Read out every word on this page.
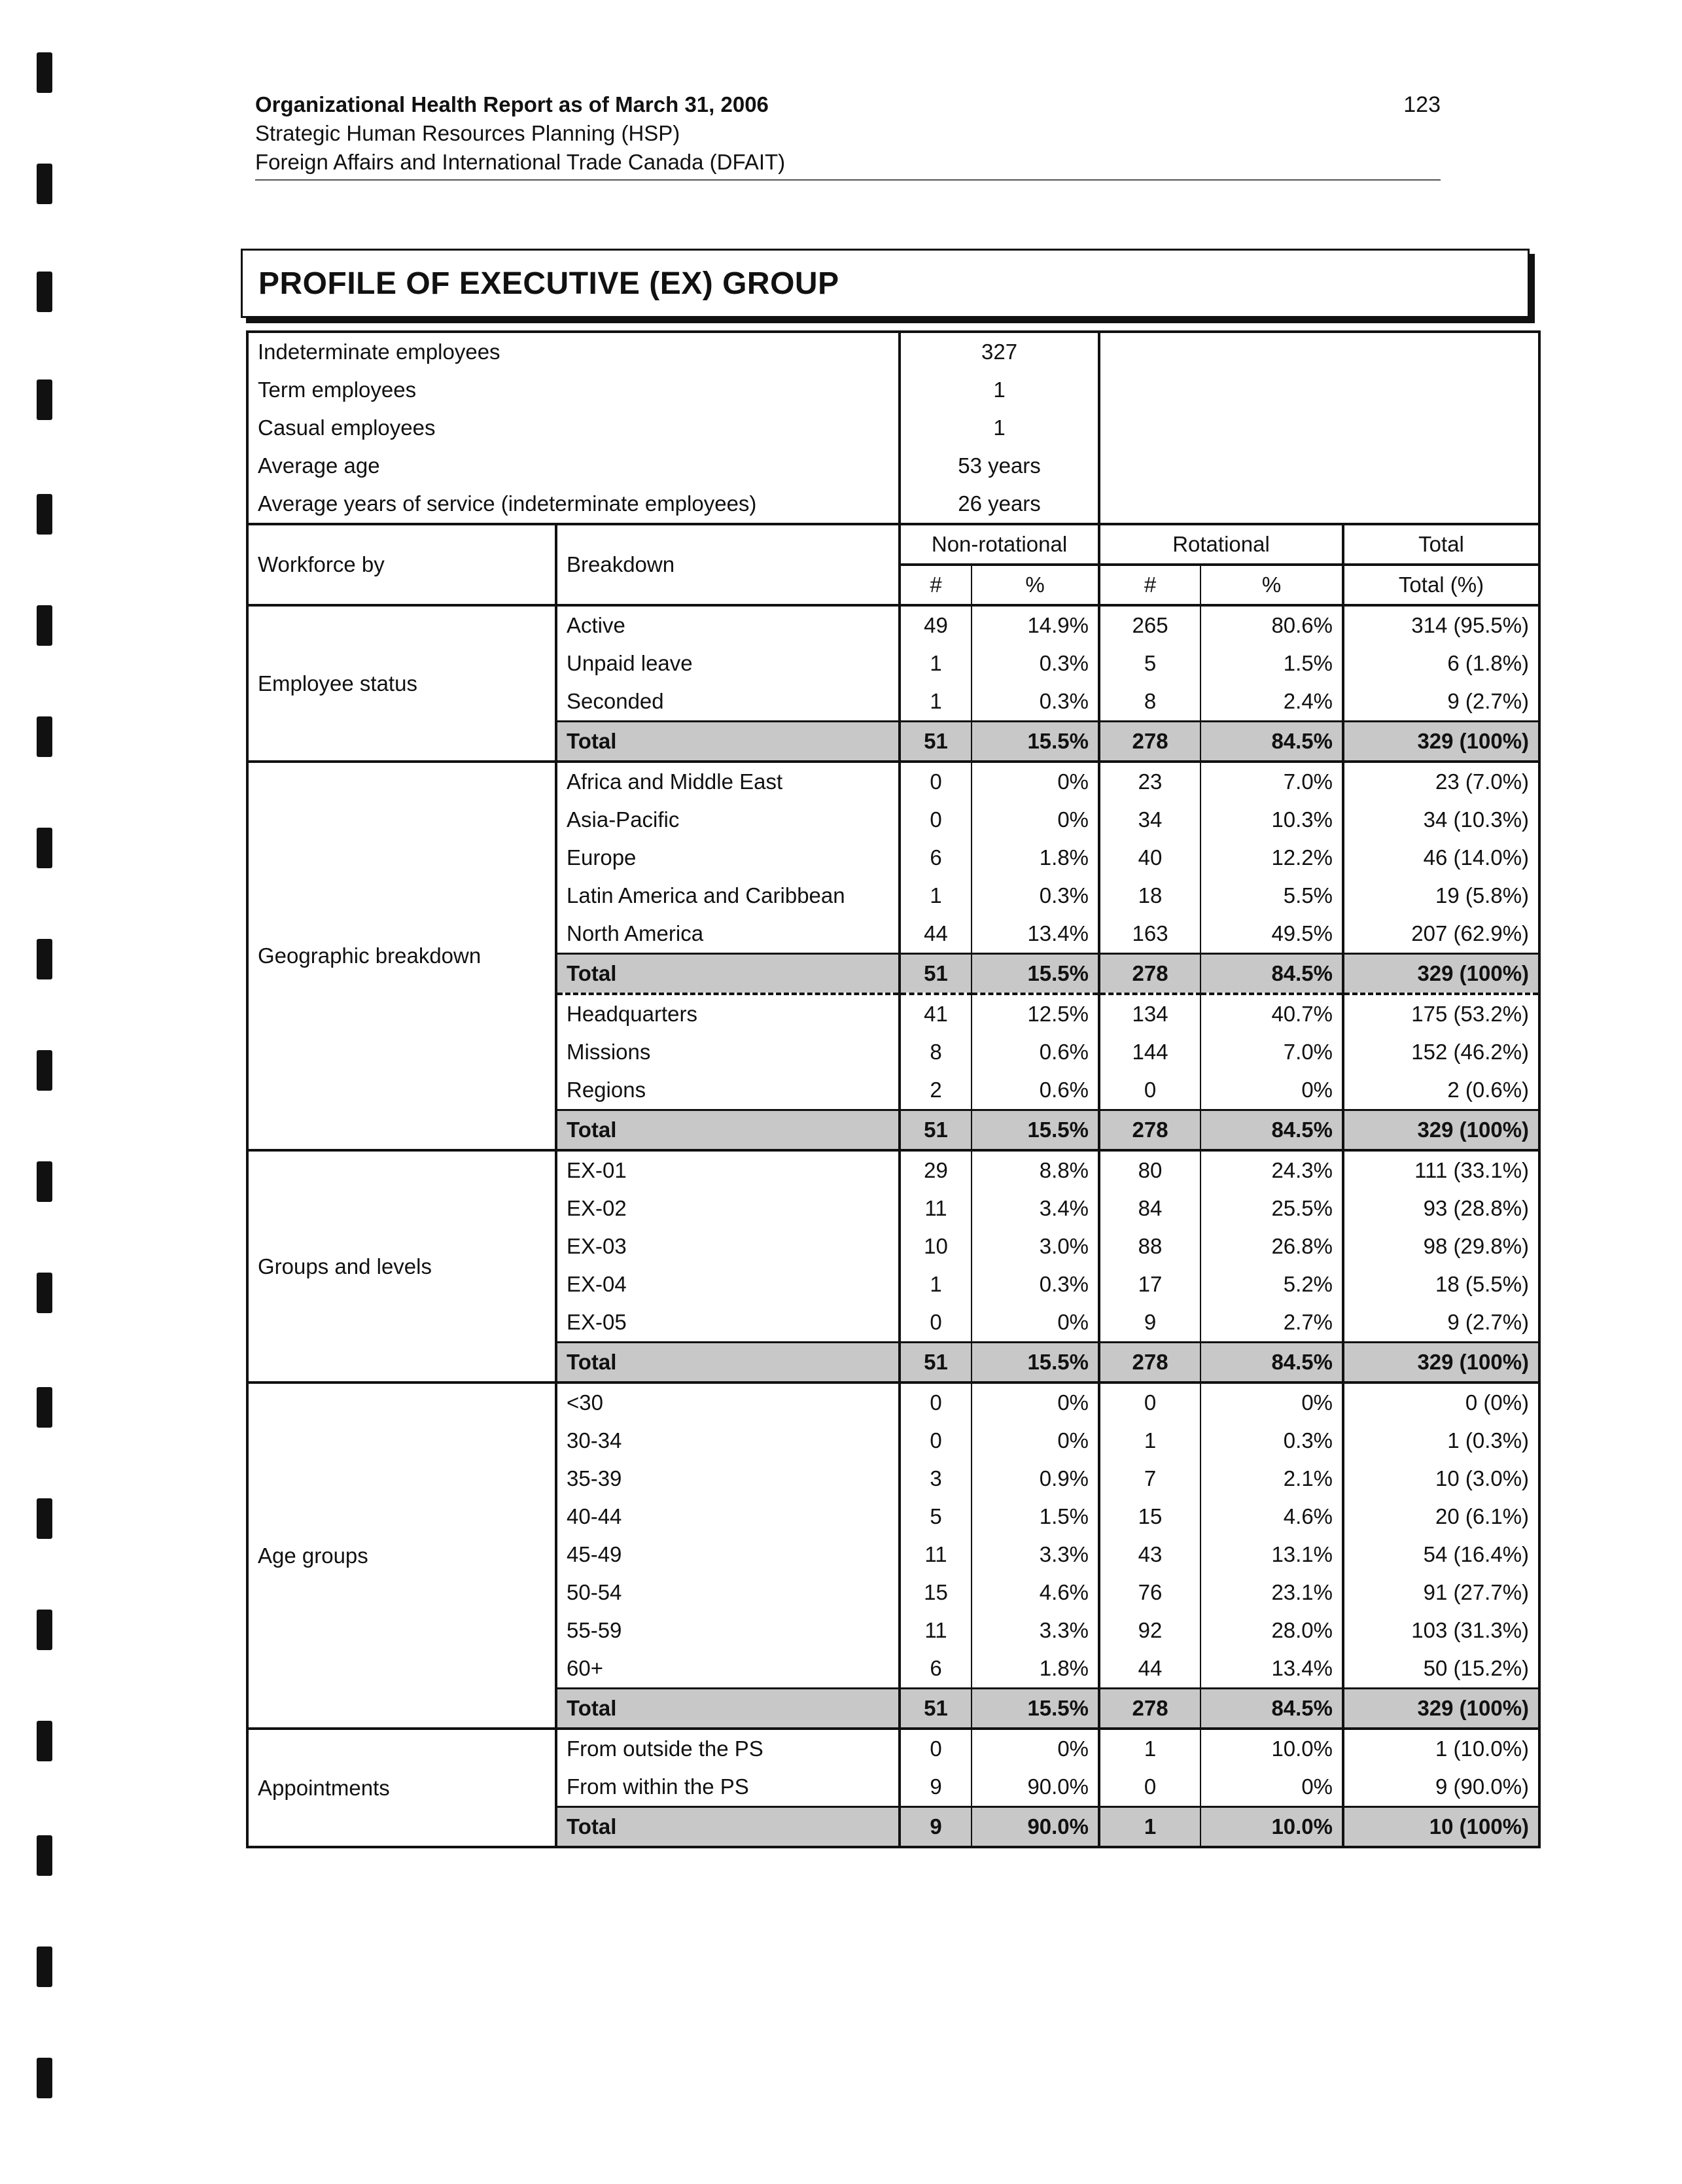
Organizational Health Report as of March 31, 2006
Strategic Human Resources Planning (HSP)
Foreign Affairs and International Trade Canada (DFAIT)
123
PROFILE OF EXECUTIVE (EX) GROUP
Indeterminate employees		327				
Term employees		1				
Casual employees		1				
Average age		53 years				
Average years of service (indeterminate employees)		26 years				
Workforce by	Breakdown	Non-rotational		Rotational		Total
		#	%	#	%	Total (%)
Employee status	Active	49	14.9%	265	80.6%	314 (95.5%)
	Unpaid leave	1	0.3%	5	1.5%	6 (1.8%)
	Seconded	1	0.3%	8	2.4%	9 (2.7%)
	Total	51	15.5%	278	84.5%	329 (100%)
Geographic breakdown	Africa and Middle East	0	0%	23	7.0%	23 (7.0%)
	Asia-Pacific	0	0%	34	10.3%	34 (10.3%)
	Europe	6	1.8%	40	12.2%	46 (14.0%)
	Latin America and Caribbean	1	0.3%	18	5.5%	19 (5.8%)
	North America	44	13.4%	163	49.5%	207 (62.9%)
	Total	51	15.5%	278	84.5%	329 (100%)
	Headquarters	41	12.5%	134	40.7%	175 (53.2%)
	Missions	8	0.6%	144	7.0%	152 (46.2%)
	Regions	2	0.6%	0	0%	2 (0.6%)
	Total	51	15.5%	278	84.5%	329 (100%)
Groups and levels	EX-01	29	8.8%	80	24.3%	111 (33.1%)
	EX-02	11	3.4%	84	25.5%	93 (28.8%)
	EX-03	10	3.0%	88	26.8%	98 (29.8%)
	EX-04	1	0.3%	17	5.2%	18 (5.5%)
	EX-05	0	0%	9	2.7%	9 (2.7%)
	Total	51	15.5%	278	84.5%	329 (100%)
Age groups	<30	0	0%	0	0%	0 (0%)
	30-34	0	0%	1	0.3%	1 (0.3%)
	35-39	3	0.9%	7	2.1%	10 (3.0%)
	40-44	5	1.5%	15	4.6%	20 (6.1%)
	45-49	11	3.3%	43	13.1%	54 (16.4%)
	50-54	15	4.6%	76	23.1%	91 (27.7%)
	55-59	11	3.3%	92	28.0%	103 (31.3%)
	60+	6	1.8%	44	13.4%	50 (15.2%)
	Total	51	15.5%	278	84.5%	329 (100%)
Appointments	From outside the PS	0	0%	1	10.0%	1 (10.0%)
	From within the PS	9	90.0%	0	0%	9 (90.0%)
	Total	9	90.0%	1	10.0%	10 (100%)
